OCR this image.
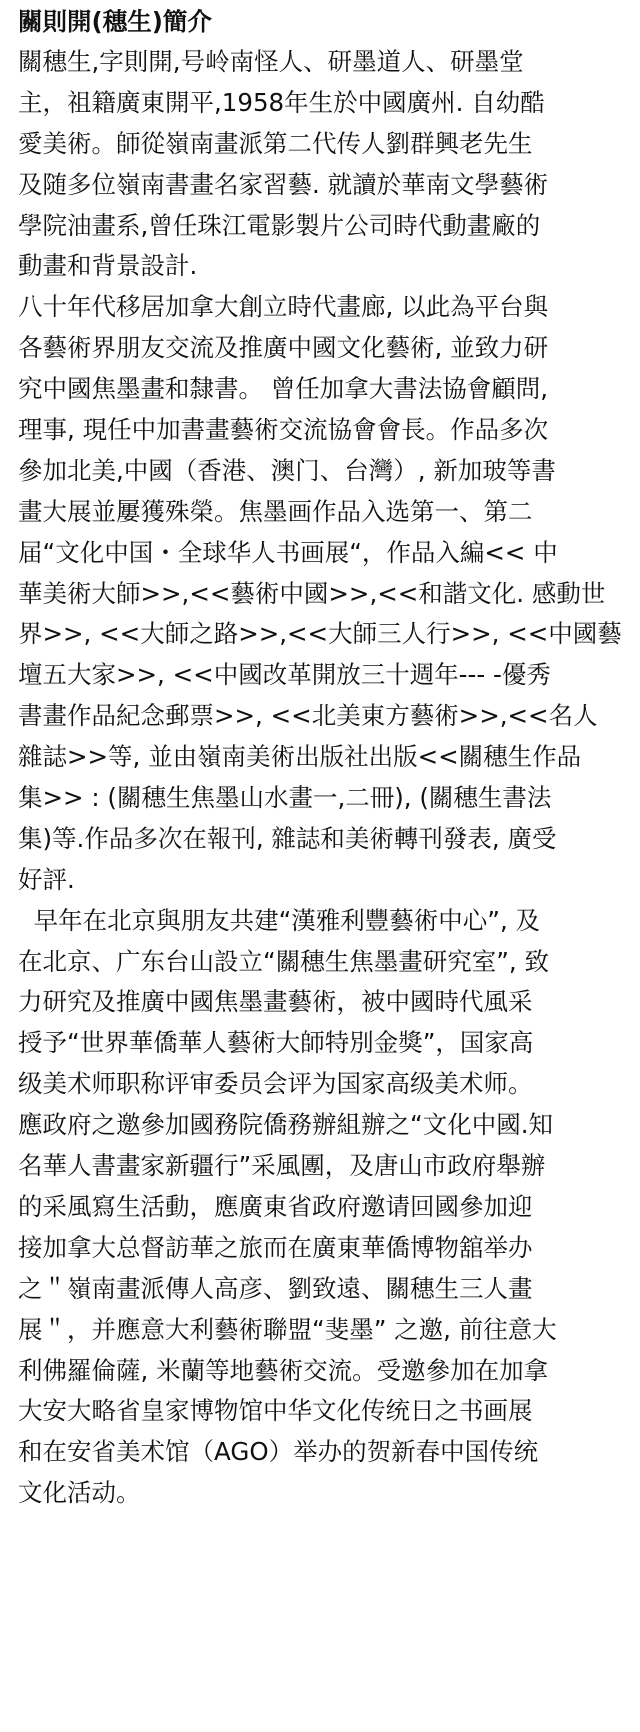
關則開(穗生)簡介
關穗生,字則開,号岭南怪人、研墨道人、研墨堂
主，祖籍廣東開平,1958年生於中國廣州. 自幼酷
愛美術。師從嶺南畫派第二代传人劉群興老先生
及随多位嶺南書畫名家習藝. 就讀於華南文學藝術
學院油畫系,曾任珠江電影製片公司時代動畫廠的
動畫和背景設計.
八十年代移居加拿大創立時代畫廊, 以此為平台與
各藝術界朋友交流及推廣中國文化藝術, 並致力研
究中國焦墨畫和隸書。 曾任加拿大書法協會顧問,
理事, 現任中加書畫藝術交流協會會長。作品多次
參加北美,中國（香港、澳门、台灣）, 新加玻等書
畫大展並屢獲殊榮。焦墨画作品入选第一、第二
届“文化中国・全球华人书画展“，作品入編<< 中
華美術大師>>,<<藝術中國>>,<<和諧文化. 感動世
界>>, <<大師之路>>,<<大師三人行>>, <<中國藝
壇五大家>>, <<中國改革開放三十週年--- -優秀
書畫作品紀念郵票>>, <<北美東方藝術>>,<<名人
雜誌>>等, 並由嶺南美術出版社出版<<關穗生作品
集>> : (關穗生焦墨山水畫一,二冊), (關穗生書法
集)等.作品多次在報刊, 雜誌和美術轉刊發表, 廣受
好評.
早年在北京與朋友共建“漢雅利豐藝術中心”, 及
在北京、广东台山設立“關穗生焦墨畫研究室”, 致
力研究及推廣中國焦墨畫藝術，被中國時代風采
授予“世界華僑華人藝術大師特別金獎”，国家高
级美术师职称评审委员会评为国家高级美术师。
應政府之邀參加國務院僑務辦組辦之“文化中國.知
名華人書畫家新疆行”采風團，及唐山市政府舉辦
的采風寫生活動，應廣東省政府邀请回國參加迎
接加拿大总督訪華之旅而在廣東華僑博物舘举办
之＂嶺南畫派傳人高彦、劉致遠、關穗生三人畫
展＂，并應意大利藝術聯盟“斐墨” 之邀, 前往意大
利佛羅倫薩, 米蘭等地藝術交流。受邀參加在加拿
大安大略省皇家博物馆中华文化传统日之书画展
和在安省美术馆（AGO）举办的贺新春中国传统
文化活动。
